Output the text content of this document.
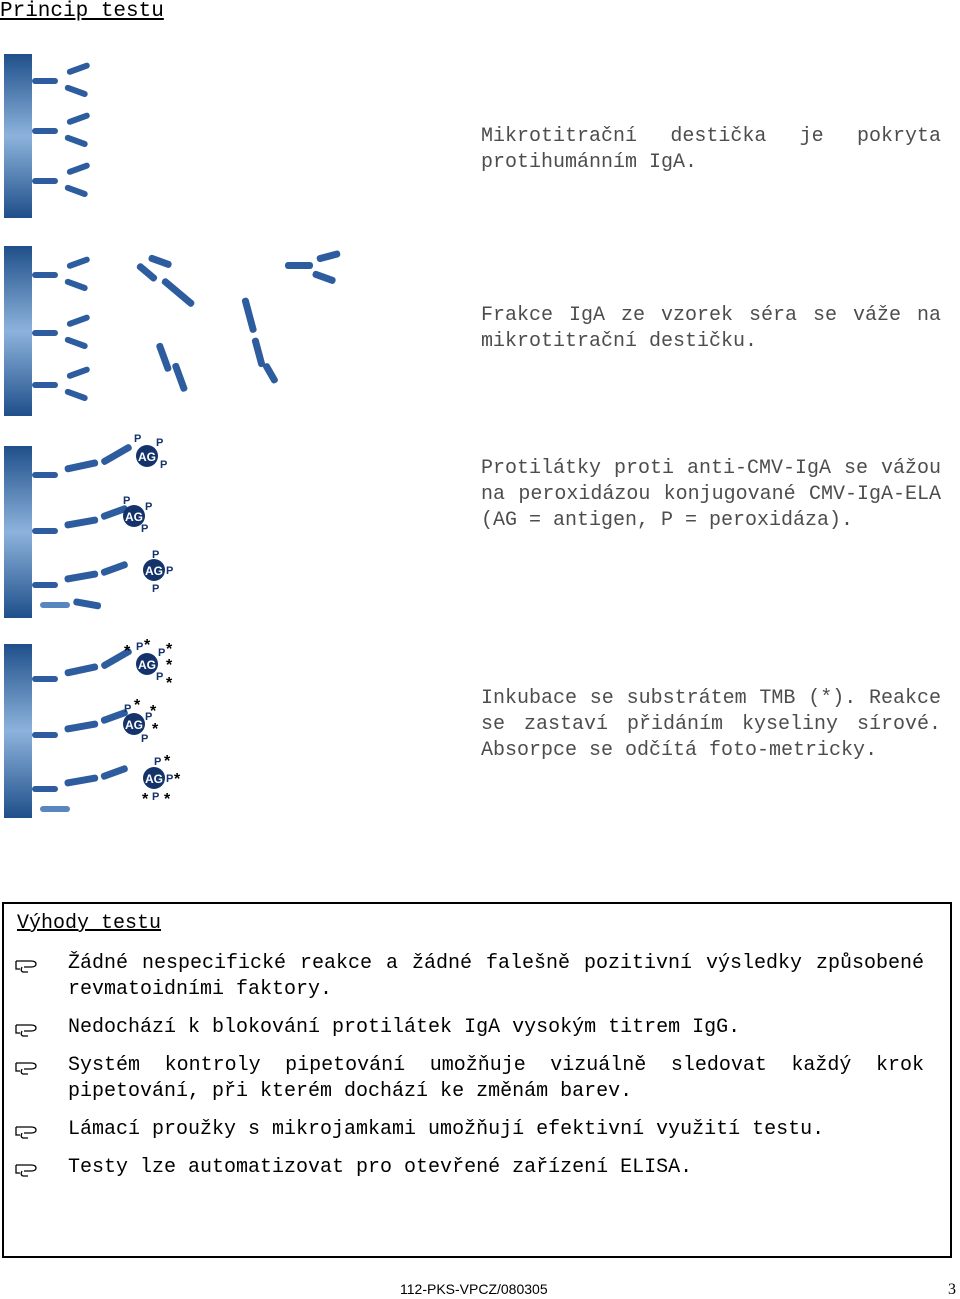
Princip testu
Mikrotitrační destička je pokryta protihumánním IgA.
Frakce IgA ze vzorek séra se váže na mikrotitrační destičku.
AG
P P
P
AG
P P
P
AG
P
P
P
Protilátky proti anti-CMV-IgA se vážou na peroxidázou konjugované CMV-IgA-ELA (AG = antigen, P = peroxidáza).
AG
P P
P
* * *
*
*
AG
P
P
P
*
*
*
AG
P
P
P
*
*
* *
Inkubace se substrátem TMB (*). Reakce se zastaví přidáním kyseliny sírové. Absorpce se odčítá foto-metricky.
Výhody testu
Žádné nespecifické reakce a žádné falešně pozitivní výsledky způsobené revmatoidními faktory.
Nedochází k blokování protilátek IgA vysokým titrem IgG.
Systém kontroly pipetování umožňuje vizuálně sledovat každý krok pipetování, při kterém dochází ke změnám barev.
Lámací proužky s mikrojamkami umožňují efektivní využití testu.
Testy lze automatizovat pro otevřené zařízení ELISA.
112-PKS-VPCZ/080305	3
